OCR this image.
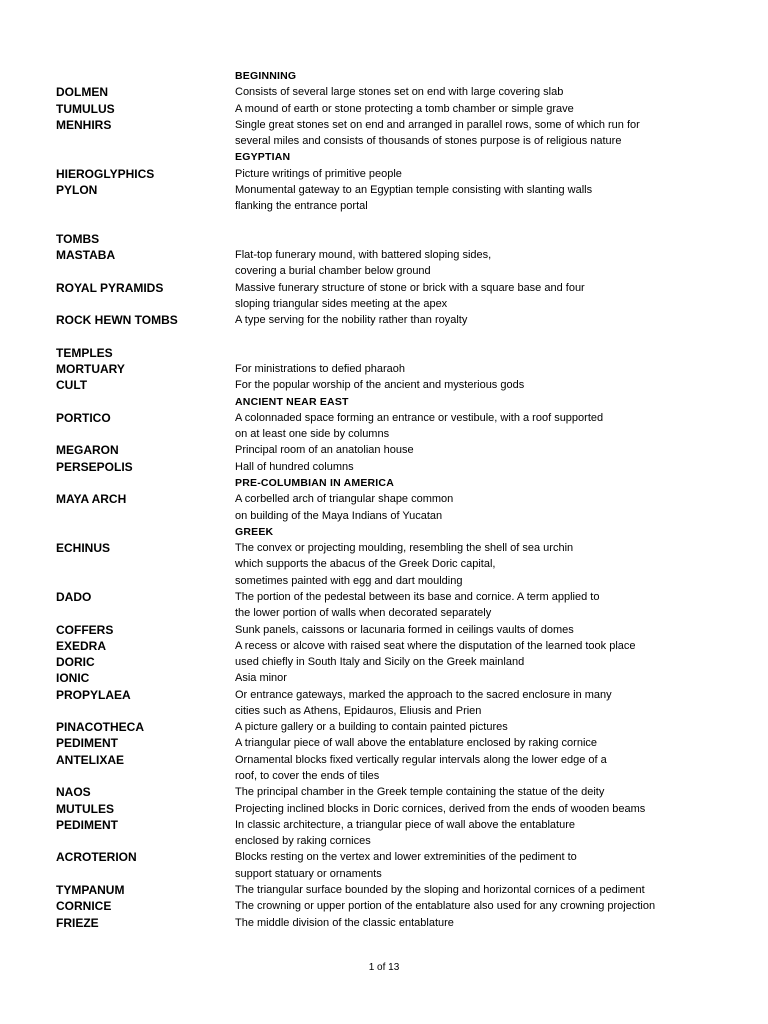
BEGINNING
DOLMEN	Consists of several large stones set on end with large covering slab
TUMULUS	A mound of earth or stone protecting a tomb chamber or simple grave
MENHIRS	Single great stones set on end and arranged in parallel rows, some of which run for
several miles and consists of thousands of stones purpose is of religious nature
EGYPTIAN
HIEROGLYPHICS	Picture writings of primitive people
PYLON	Monumental gateway to an Egyptian temple consisting with slanting walls
flanking the entrance portal
TOMBS
MASTABA	Flat-top funerary mound, with battered sloping sides,
covering a burial chamber below ground
ROYAL PYRAMIDS	Massive funerary structure of stone or brick with a square base and four
sloping triangular sides meeting at the apex
ROCK HEWN TOMBS	A type serving for the nobility rather than royalty
TEMPLES
MORTUARY	For ministrations to defied pharaoh
CULT	For the popular worship of the ancient and mysterious gods
ANCIENT NEAR EAST
PORTICO	A colonnaded space forming an entrance or vestibule, with a roof supported
on at least one side by columns
MEGARON	Principal room of an anatolian house
PERSEPOLIS	Hall of hundred columns
PRE-COLUMBIAN IN AMERICA
MAYA ARCH	A corbelled arch of triangular shape common
on building of the Maya Indians of Yucatan
GREEK
ECHINUS	The convex or projecting moulding, resembling the shell of sea urchin
which supports the abacus of the Greek Doric capital,
sometimes painted with egg and dart moulding
DADO	The portion of the pedestal between its base and cornice. A term applied to
the lower portion of walls when decorated separately
COFFERS	Sunk panels, caissons or lacunaria formed in ceilings vaults of domes
EXEDRA	A recess or alcove with raised seat where the disputation of the learned took place
DORIC	used chiefly in South Italy and Sicily on the Greek mainland
IONIC	Asia minor
PROPYLAEA	Or entrance gateways, marked the approach to the sacred enclosure in many
cities such as Athens, Epidauros, Eliusis and Prien
PINACOTHECA	A picture gallery or a building to contain painted pictures
PEDIMENT	A triangular piece of wall above the entablature enclosed by raking cornice
ANTELIXAE	Ornamental blocks fixed vertically regular intervals along the lower edge of a
roof, to cover the ends of tiles
NAOS	The principal chamber in the Greek temple containing the statue of the deity
MUTULES	Projecting inclined blocks in Doric cornices, derived from the ends of wooden beams
PEDIMENT	In classic architecture, a triangular piece of wall above the entablature
enclosed by raking cornices
ACROTERION	Blocks resting on the vertex and lower extreminities of the pediment to
support statuary or ornaments
TYMPANUM	The triangular surface bounded by the sloping and horizontal cornices of a pediment
CORNICE	The crowning or upper portion of the entablature also used for any crowning projection
FRIEZE	The middle division of the classic entablature
1 of 13
